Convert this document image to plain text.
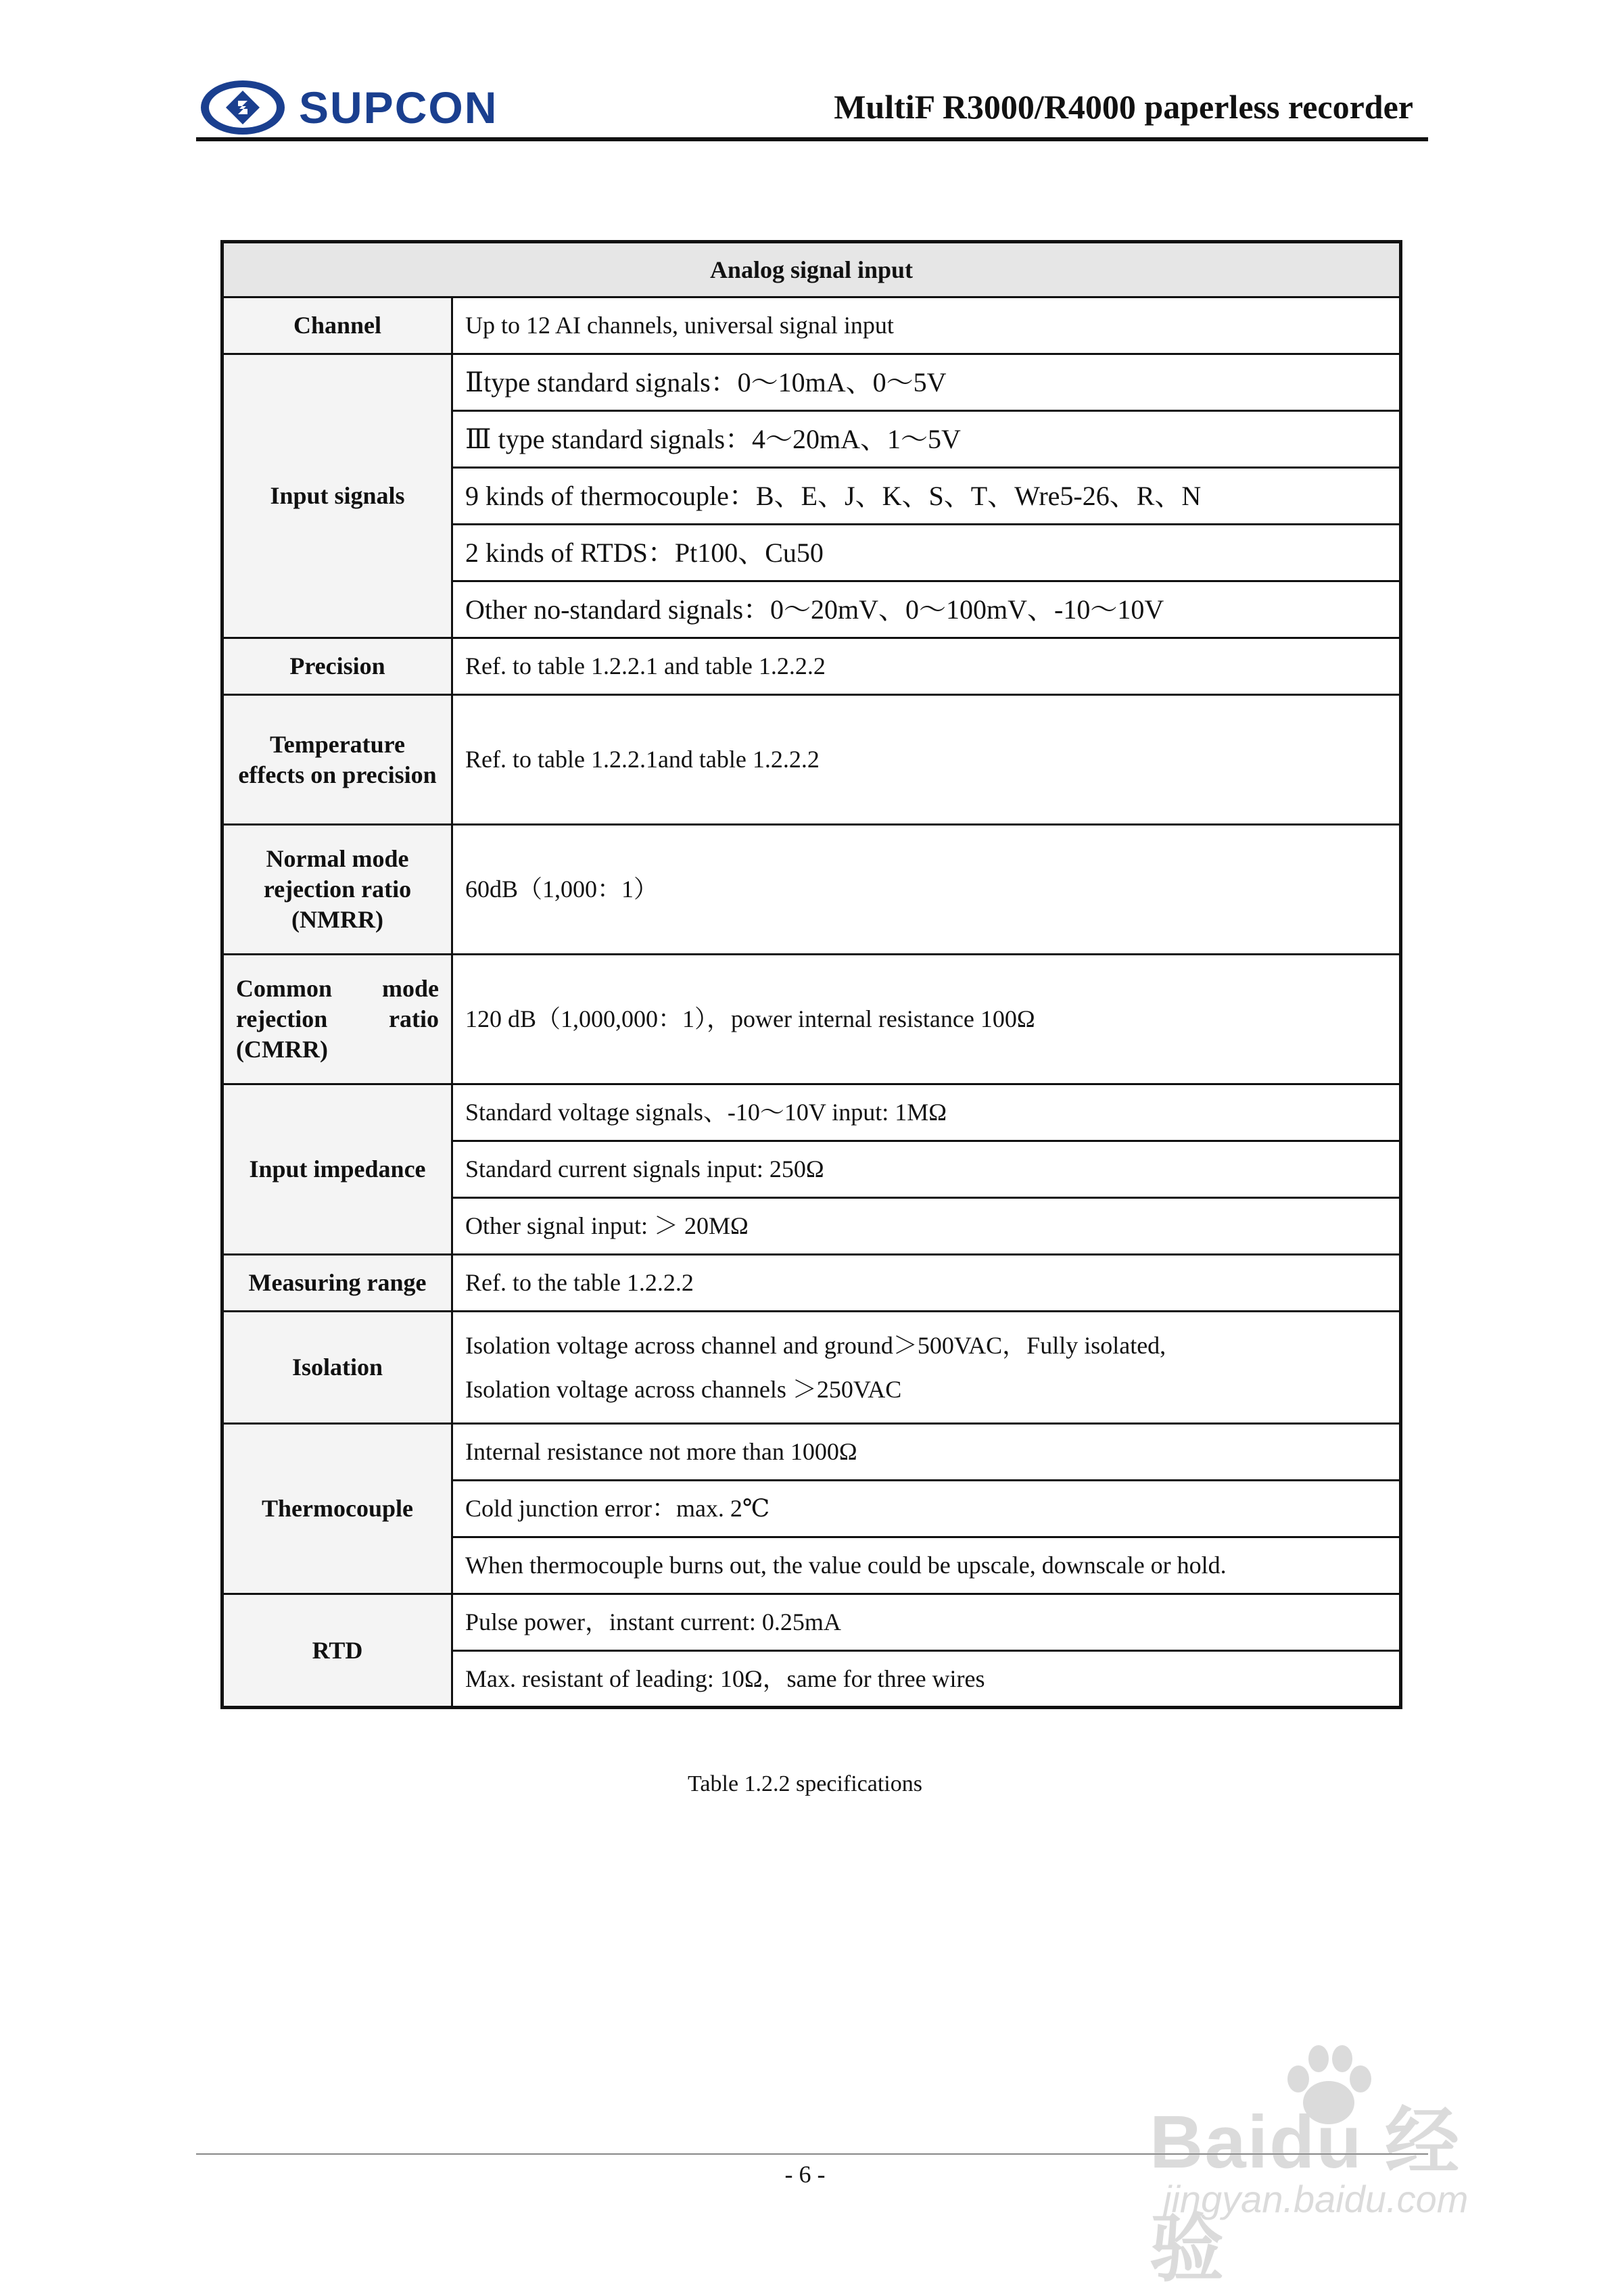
SUPCON	MultiF R3000/R4000 paperless recorder
Analog signal input	
Channel	Up to 12 AI channels, universal signal input
Input signals	Ⅱtype standard signals：0～10mA、0～5V
	Ⅲ type standard signals：4～20mA、1～5V
	9 kinds of thermocouple：B、E、J、K、S、T、Wre5-26、R、N
	2 kinds of RTDS：Pt100、Cu50
	Other no-standard signals：0～20mV、0～100mV、-10～10V
Precision	Ref. to table 1.2.2.1 and table 1.2.2.2
Temperature effects on precision	Ref. to table 1.2.2.1and table 1.2.2.2
Normal mode rejection ratio (NMRR)	60dB（1,000：1）
Common mode rejection ratio (CMRR)	120 dB（1,000,000：1），power internal resistance 100Ω
Input impedance	Standard voltage signals、-10～10V input: 1MΩ
	Standard current signals input: 250Ω
	Other signal input: ＞ 20MΩ
Measuring range	Ref. to the table 1.2.2.2
Isolation	Isolation voltage across channel and ground＞500VAC，Fully isolated,
Isolation voltage across channels ＞250VAC

Thermocouple	Internal resistance not more than 1000Ω
	Cold junction error：max. 2℃
	When thermocouple burns out, the value could be upscale, downscale or hold.
RTD	Pulse power，instant current: 0.25mA
	Max. resistant of leading: 10Ω，same for three wires
Table 1.2.2 specifications
- 6 -	Baidu 经验
jingyan.baidu.com
